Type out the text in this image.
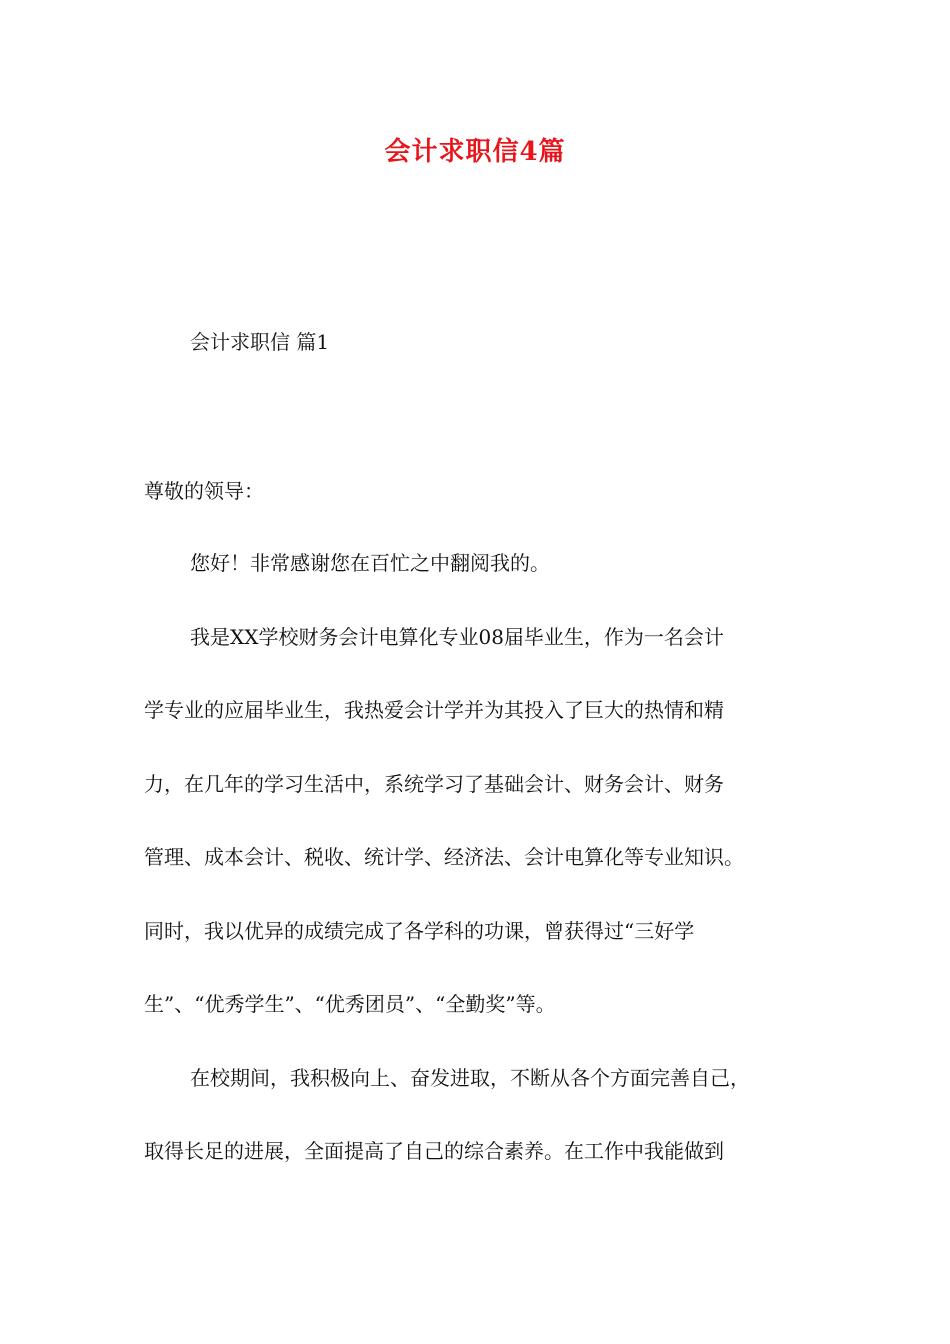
会计求职信4篇
会计求职信 篇1
尊敬的领导：

您好！非常感谢您在百忙之中翻阅我的。

我是XX学校财务会计电算化专业08届毕业生，作为一名会计
学专业的应届毕业生，我热爱会计学并为其投入了巨大的热情和精
力，在几年的学习生活中，系统学习了基础会计、财务会计、财务
管理、成本会计、税收、统计学、经济法、会计电算化等专业知识。
同时，我以优异的成绩完成了各学科的功课，曾获得过“三好学
生”、“优秀学生”、“优秀团员”、“全勤奖”等。

在校期间，我积极向上、奋发进取，不断从各个方面完善自己，
取得长足的进展，全面提高了自己的综合素养。在工作中我能做到
